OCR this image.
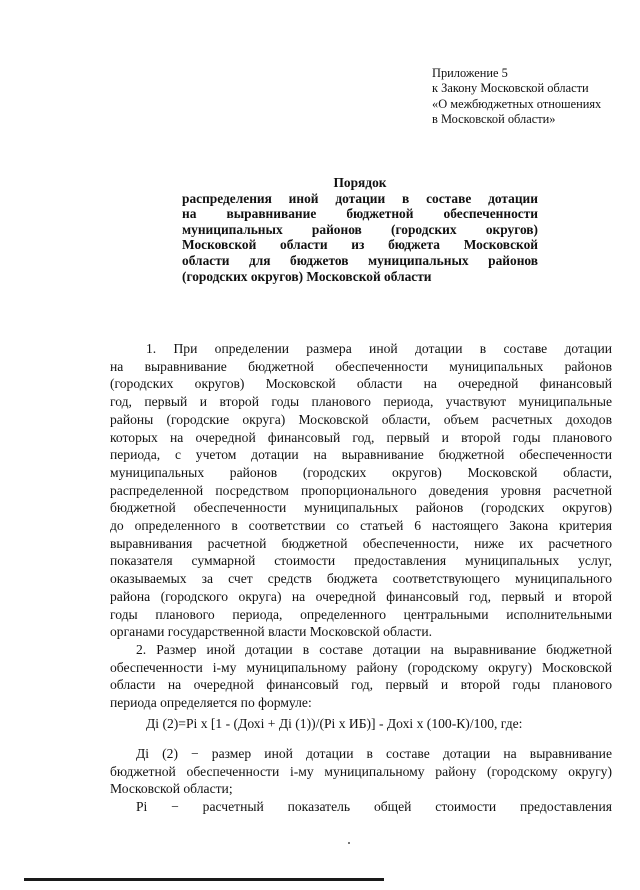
Приложение 5
к Закону Московской области
«О межбюджетных отношениях
в Московской области»
Порядок
распределения иной дотации в составе дотации
на выравнивание бюджетной обеспеченности
муниципальных районов (городских округов)
Московской области из бюджета Московской
области для бюджетов муниципальных районов
(городских округов) Московской области
1. При определении размера иной дотации в составе дотации
на выравнивание бюджетной обеспеченности муниципальных районов
(городских округов) Московской области на очередной финансовый
год, первый и второй годы планового периода, участвуют муниципальные
районы (городские округа) Московской области, объем расчетных доходов
которых на очередной финансовый год, первый и второй годы планового
периода, с учетом дотации на выравнивание бюджетной обеспеченности
муниципальных районов (городских округов) Московской области,
распределенной посредством пропорционального доведения уровня расчетной
бюджетной обеспеченности муниципальных районов (городских округов)
до определенного в соответствии со статьей 6 настоящего Закона критерия
выравнивания расчетной бюджетной обеспеченности, ниже их расчетного
показателя суммарной стоимости предоставления муниципальных услуг,
оказываемых за счет средств бюджета соответствующего муниципального
района (городского округа) на очередной финансовый год, первый и второй
годы планового периода, определенного центральными исполнительными
органами государственной власти Московской области.
2. Размер иной дотации в составе дотации на выравнивание бюджетной
обеспеченности i-му муниципальному району (городскому округу) Московской
области на очередной финансовый год, первый и второй годы планового
периода определяется по формуле:
Дi (2)=Pi х [1 - (Дохi + Дi (1))/(Pi х ИБ)] - Дохi х (100-К)/100, где:
Дi (2) − размер иной дотации в составе дотации на выравнивание
бюджетной обеспеченности i-му муниципальному району (городскому округу)
Московской области;
Pi − расчетный показатель общей стоимости предоставления
